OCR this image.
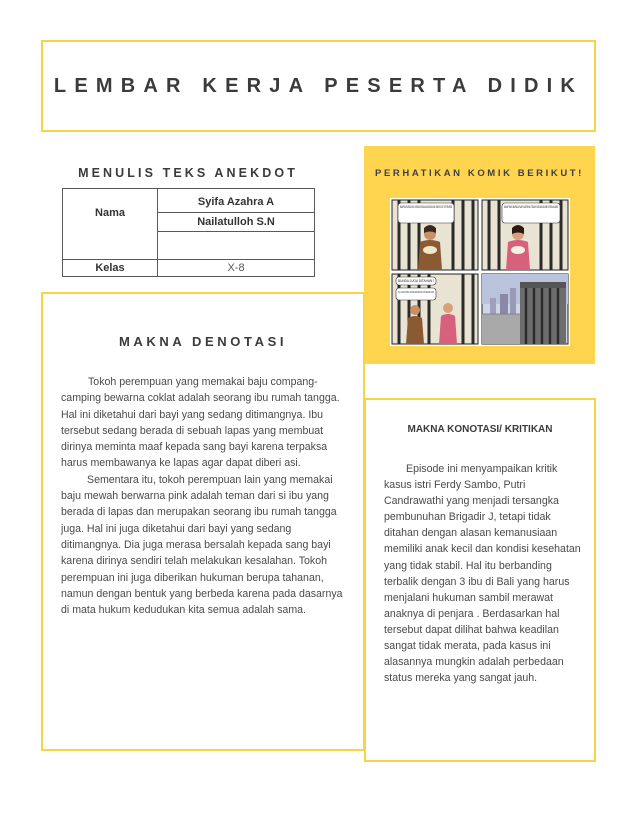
LEMBAR KERJA PESERTA DIDIK
MENULIS TEKS ANEKDOT
Nama	Syifa Azahra A
Nailatulloh S.N

Kelas	X-8
PERHATIKAN KOMIK BERIKUT!
MAAFKAN BUNDA NAK, KARENA KESALAHAN BUNDA KAU HARUS IKUT KE PENJARA	MAAFKAN BUNDA NAK KARENA TIDAK MELAKUKAN KESALAHAN
BUNDA JUGA DITAHAN?
IYA, KAMI DI MATA HUKUM KEDUDUKAN KITA SEMUA SAMA
MAKNA DENOTASI

Tokoh perempuan yang memakai baju compang-camping bewarna coklat adalah seorang ibu rumah tangga. Hal ini diketahui dari bayi yang sedang ditimangnya. Ibu tersebut sedang berada di sebuah lapas yang membuat dirinya meminta maaf kepada sang bayi karena terpaksa harus membawanya ke lapas agar dapat diberi asi.

Sementara itu, tokoh perempuan lain yang memakai baju mewah berwarna pink adalah teman dari si ibu yang berada di lapas dan merupakan seorang ibu rumah tangga juga. Hal ini juga diketahui dari bayi yang sedang ditimangnya. Dia juga merasa bersalah kepada sang bayi karena dirinya sendiri telah melakukan kesalahan. Tokoh perempuan ini juga diberikan hukuman berupa tahanan, namun dengan bentuk yang berbeda karena pada dasarnya di mata hukum kedudukan kita semua adalah sama.

MAKNA KONOTASI/ KRITIKAN

Episode ini menyampaikan kritik kasus istri Ferdy Sambo, Putri Candrawathi yang menjadi tersangka pembunuhan Brigadir J, tetapi tidak ditahan dengan alasan kemanusiaan memiliki anak kecil dan kondisi kesehatan yang tidak stabil. Hal itu berbanding terbalik dengan 3 ibu di Bali yang harus menjalani hukuman sambil merawat anaknya di penjara . Berdasarkan hal tersebut dapat dilihat bahwa keadilan sangat tidak merata, pada kasus ini alasannya mungkin adalah perbedaan status mereka yang sangat jauh.
